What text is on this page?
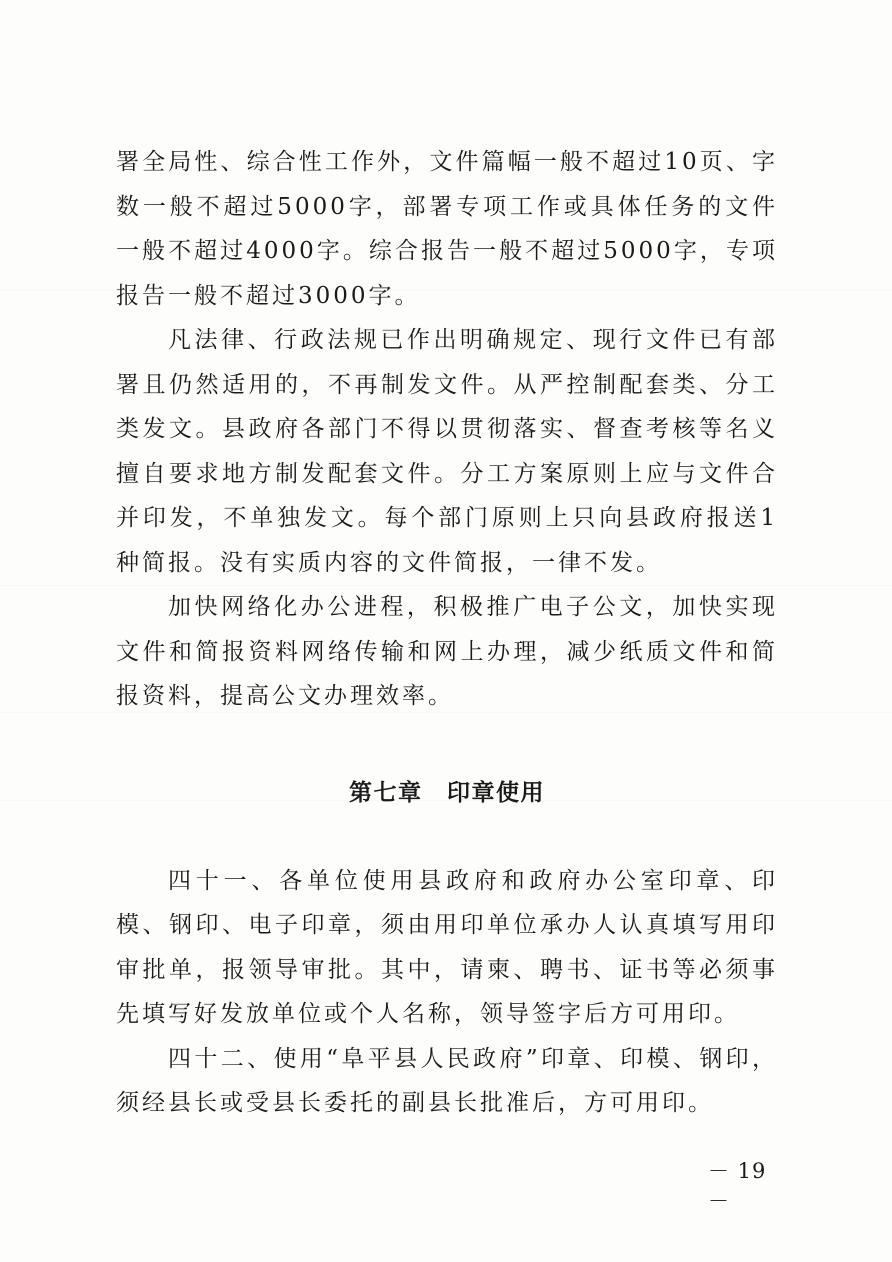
署全局性、综合性工作外，文件篇幅一般不超过10页、字数一般不超过5000字，部署专项工作或具体任务的文件一般不超过4000字。综合报告一般不超过5000字，专项报告一般不超过3000字。

凡法律、行政法规已作出明确规定、现行文件已有部署且仍然适用的，不再制发文件。从严控制配套类、分工类发文。县政府各部门不得以贯彻落实、督查考核等名义擅自要求地方制发配套文件。分工方案原则上应与文件合并印发，不单独发文。每个部门原则上只向县政府报送1种简报。没有实质内容的文件简报，一律不发。

加快网络化办公进程，积极推广电子公文，加快实现文件和简报资料网络传输和网上办理，减少纸质文件和简报资料，提高公文办理效率。

第七章　印章使用

四十一、各单位使用县政府和政府办公室印章、印模、钢印、电子印章，须由用印单位承办人认真填写用印审批单，报领导审批。其中，请柬、聘书、证书等必须事先填写好发放单位或个人名称，领导签字后方可用印。

四十二、使用“阜平县人民政府”印章、印模、钢印，须经县长或受县长委托的副县长批准后，方可用印。

－ 19 －
